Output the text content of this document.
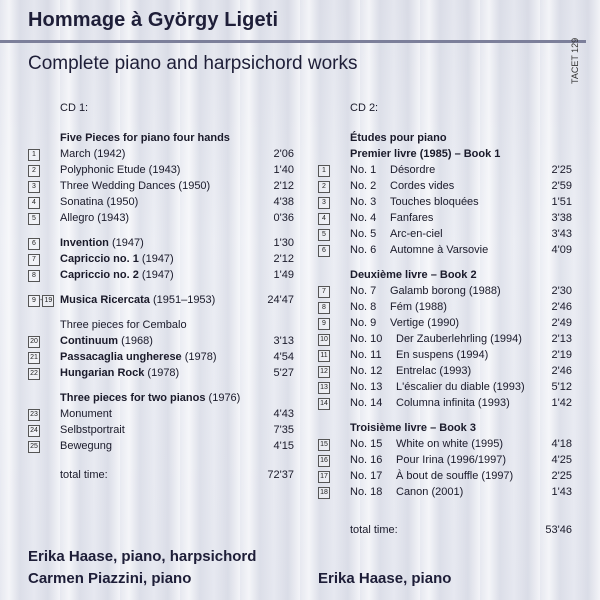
Hommage à György Ligeti
Complete piano and harpsichord works	TACET 129
CD 1:
Five Pieces for piano four hands
1	March (1942)	2'06
2	Polyphonic Etude (1943)	1'40
3	Three Wedding Dances (1950)	2'12
4	Sonatina (1950)	4'38
5	Allegro (1943)	0'36
6	Invention (1947)	1'30
7	Capriccio no. 1 (1947)	2'12
8	Capriccio no. 2 (1947)	1'49
9 - 19 Musica Ricercata (1951–1953)	24'47
Three pieces for Cembalo
20 Continuum (1968)	3'13
21 Passacaglia ungherese (1978)	4'54
22 Hungarian Rock (1978)	5'27
Three pieces for two pianos (1976)
23 Monument	4'43
24 Selbstportrait	7'35
25 Bewegung	4'15
total time:	72'37
CD 2:
Études pour piano
Premier livre (1985) – Book 1
1	No. 1 Désordre	2'25
2	No. 2 Cordes vides	2'59
3	No. 3 Touches bloquées	1'51
4	No. 4 Fanfares	3'38
5	No. 5 Arc-en-ciel	3'43
6	No. 6 Automne à Varsovie	4'09
Deuxième livre – Book 2
7	No. 7 Galamb borong (1988)	2'30
8	No. 8 Fém (1988)	2'46
9	No. 9 Vertige (1990)	2'49
10 No. 10 Der Zauberlehrling (1994)	2'13
11 No. 11 En suspens (1994)	2'19
12 No. 12 Entrelac (1993)	2'46
13 No. 13 L'éscalier du diable (1993) 5'12
14 No. 14 Columna infinita (1993)	1'42
Troisième livre – Book 3
15 No. 15 White on white (1995)	4'18
16 No. 16 Pour Irina (1996/1997)	4'25
17 No. 17 À bout de souffle (1997)	2'25
18 No. 18 Canon (2001)	1'43
total time:	53'46
Erika Haase, piano, harpsichord
Carmen Piazzini, piano	Erika Haase, piano
